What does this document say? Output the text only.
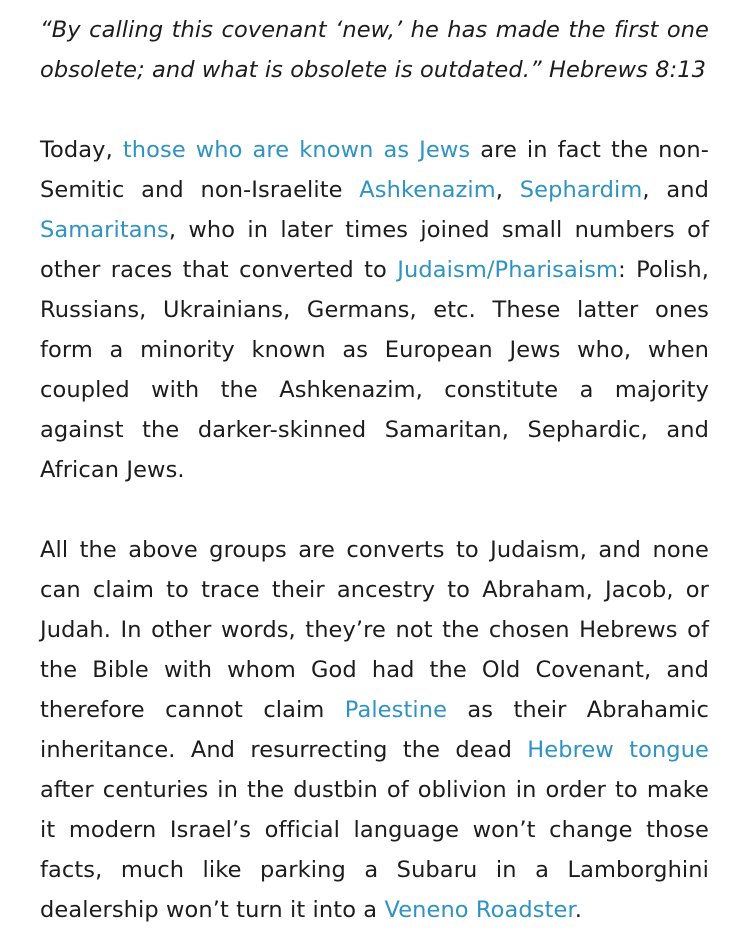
“By calling this covenant ‘new,’ he has made the first one obsolete; and what is obsolete is outdated.” Hebrews 8:13

Today, those who are known as Jews are in fact the non-Semitic and non-Israelite Ashkenazim, Sephardim, and Samaritans, who in later times joined small numbers of other races that converted to Judaism/Pharisaism: Polish, Russians, Ukrainians, Germans, etc. These latter ones form a minority known as European Jews who, when coupled with the Ashkenazim, constitute a majority against the darker-skinned Samaritan, Sephardic, and African Jews.

All the above groups are converts to Judaism, and none can claim to trace their ancestry to Abraham, Jacob, or Judah. In other words, they’re not the chosen Hebrews of the Bible with whom God had the Old Covenant, and therefore cannot claim Palestine as their Abrahamic inheritance. And resurrecting the dead Hebrew tongue after centuries in the dustbin of oblivion in order to make it modern Israel’s official language won’t change those facts, much like parking a Subaru in a Lamborghini dealership won’t turn it into a Veneno Roadster.
